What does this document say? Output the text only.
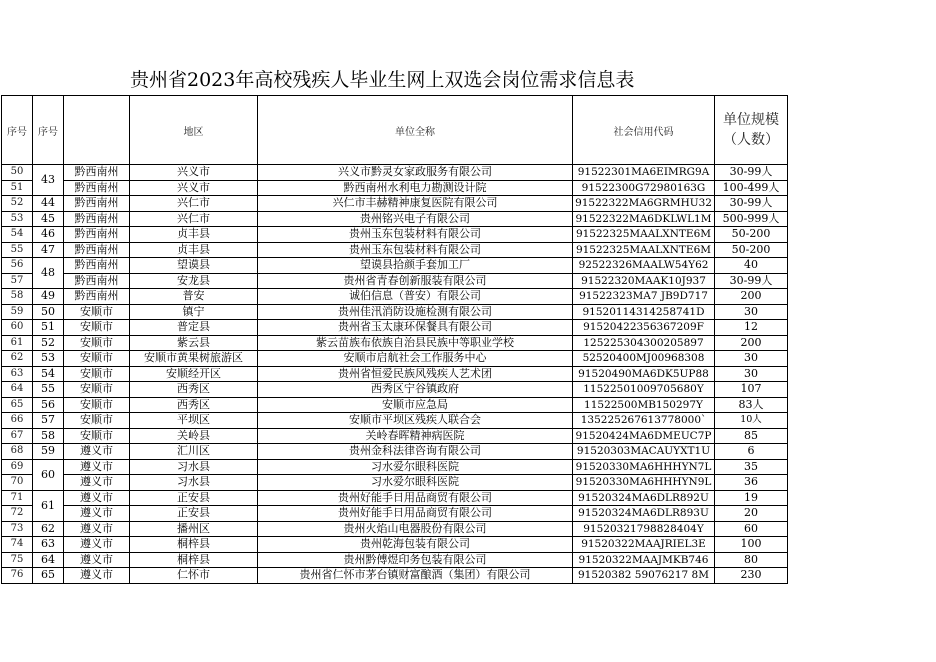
贵州省2023年高校残疾人毕业生网上双选会岗位需求信息表
序号	序号		地区	单位全称	社会信用代码	单位规模（人数）
50	43	黔西南州	兴义市	兴义市黔灵女家政服务有限公司	91522301MA6EIMRG9A	30-99人
51		黔西南州	兴义市	黔西南州水利电力勘测设计院	91522300G72980163G	100-499人
52	44	黔西南州	兴仁市	兴仁市丰赫精神康复医院有限公司	91522322MA6GRMHU32	30-99人
53	45	黔西南州	兴仁市	贵州铭兴电子有限公司	91522322MA6DKLWL1M	500-999人
54	46	黔西南州	贞丰县	贵州玉东包装材料有限公司	91522325MAALXNTE6M	50-200
55	47	黔西南州	贞丰县	贵州玉东包装材料有限公司	91522325MAALXNTE6M	50-200
56	48	黔西南州	望谟县	望谟县拾颜手套加工厂	92522326MAALW54Y62	40
57		黔西南州	安龙县	贵州省青春创新服装有限公司	91522320MAAK10J937	30-99人
58	49	黔西南州	普安	诚伯信息（普安）有限公司	91522323MA7 JB9D717	200
59	50	安顺市	镇宁	贵州佳汛消防设施检测有限公司	91520114314258741D	30
60	51	安顺市	普定县	贵州省玉太康环保餐具有限公司	91520422356367209F	12
61	52	安顺市	紫云县	紫云苗族布依族自治县民族中等职业学校	125225304300205897	200
62	53	安顺市	安顺市黄果树旅游区	安顺市启航社会工作服务中心	52520400MJ00968308	30
63	54	安顺市	安顺经开区	贵州省恒爱民族风残疾人艺术团	91520490MA6DK5UP88	30
64	55	安顺市	西秀区	西秀区宁谷镇政府	11522501009705680Y	107
65	56	安顺市	西秀区	安顺市应急局	11522500MB150297Y	83人
66	57	安顺市	平坝区	安顺市平坝区残疾人联合会	135225267613778000`	10人
67	58	安顺市	关岭县	关岭春晖精神病医院	91520424MA6DMEUC7P	85
68	59	遵义市	汇川区	贵州金科法律咨询有限公司	91520303MACAUYXT1U	6
69	60	遵义市	习水县	习水爱尔眼科医院	91520330MA6HHHYN7L	35
70		遵义市	习水县	习水爱尔眼科医院	91520330MA6HHHYN9L	36
71	61	遵义市	正安县	贵州好能手日用品商贸有限公司	91520324MA6DLR892U	19
72		遵义市	正安县	贵州好能手日用品商贸有限公司	91520324MA6DLR893U	20
73	62	遵义市	播州区	贵州火焰山电器股份有限公司	91520321798828404Y	60
74	63	遵义市	桐梓县	贵州乾海包装有限公司	91520322MAAJRIEL3E	100
75	64	遵义市	桐梓县	贵州黔傅煜印务包装有限公司	91520322MAAJMKB746	80
76	65	遵义市	仁怀市	贵州省仁怀市茅台镇财富酿酒（集团）有限公司	91520382 59076217 8M	230
